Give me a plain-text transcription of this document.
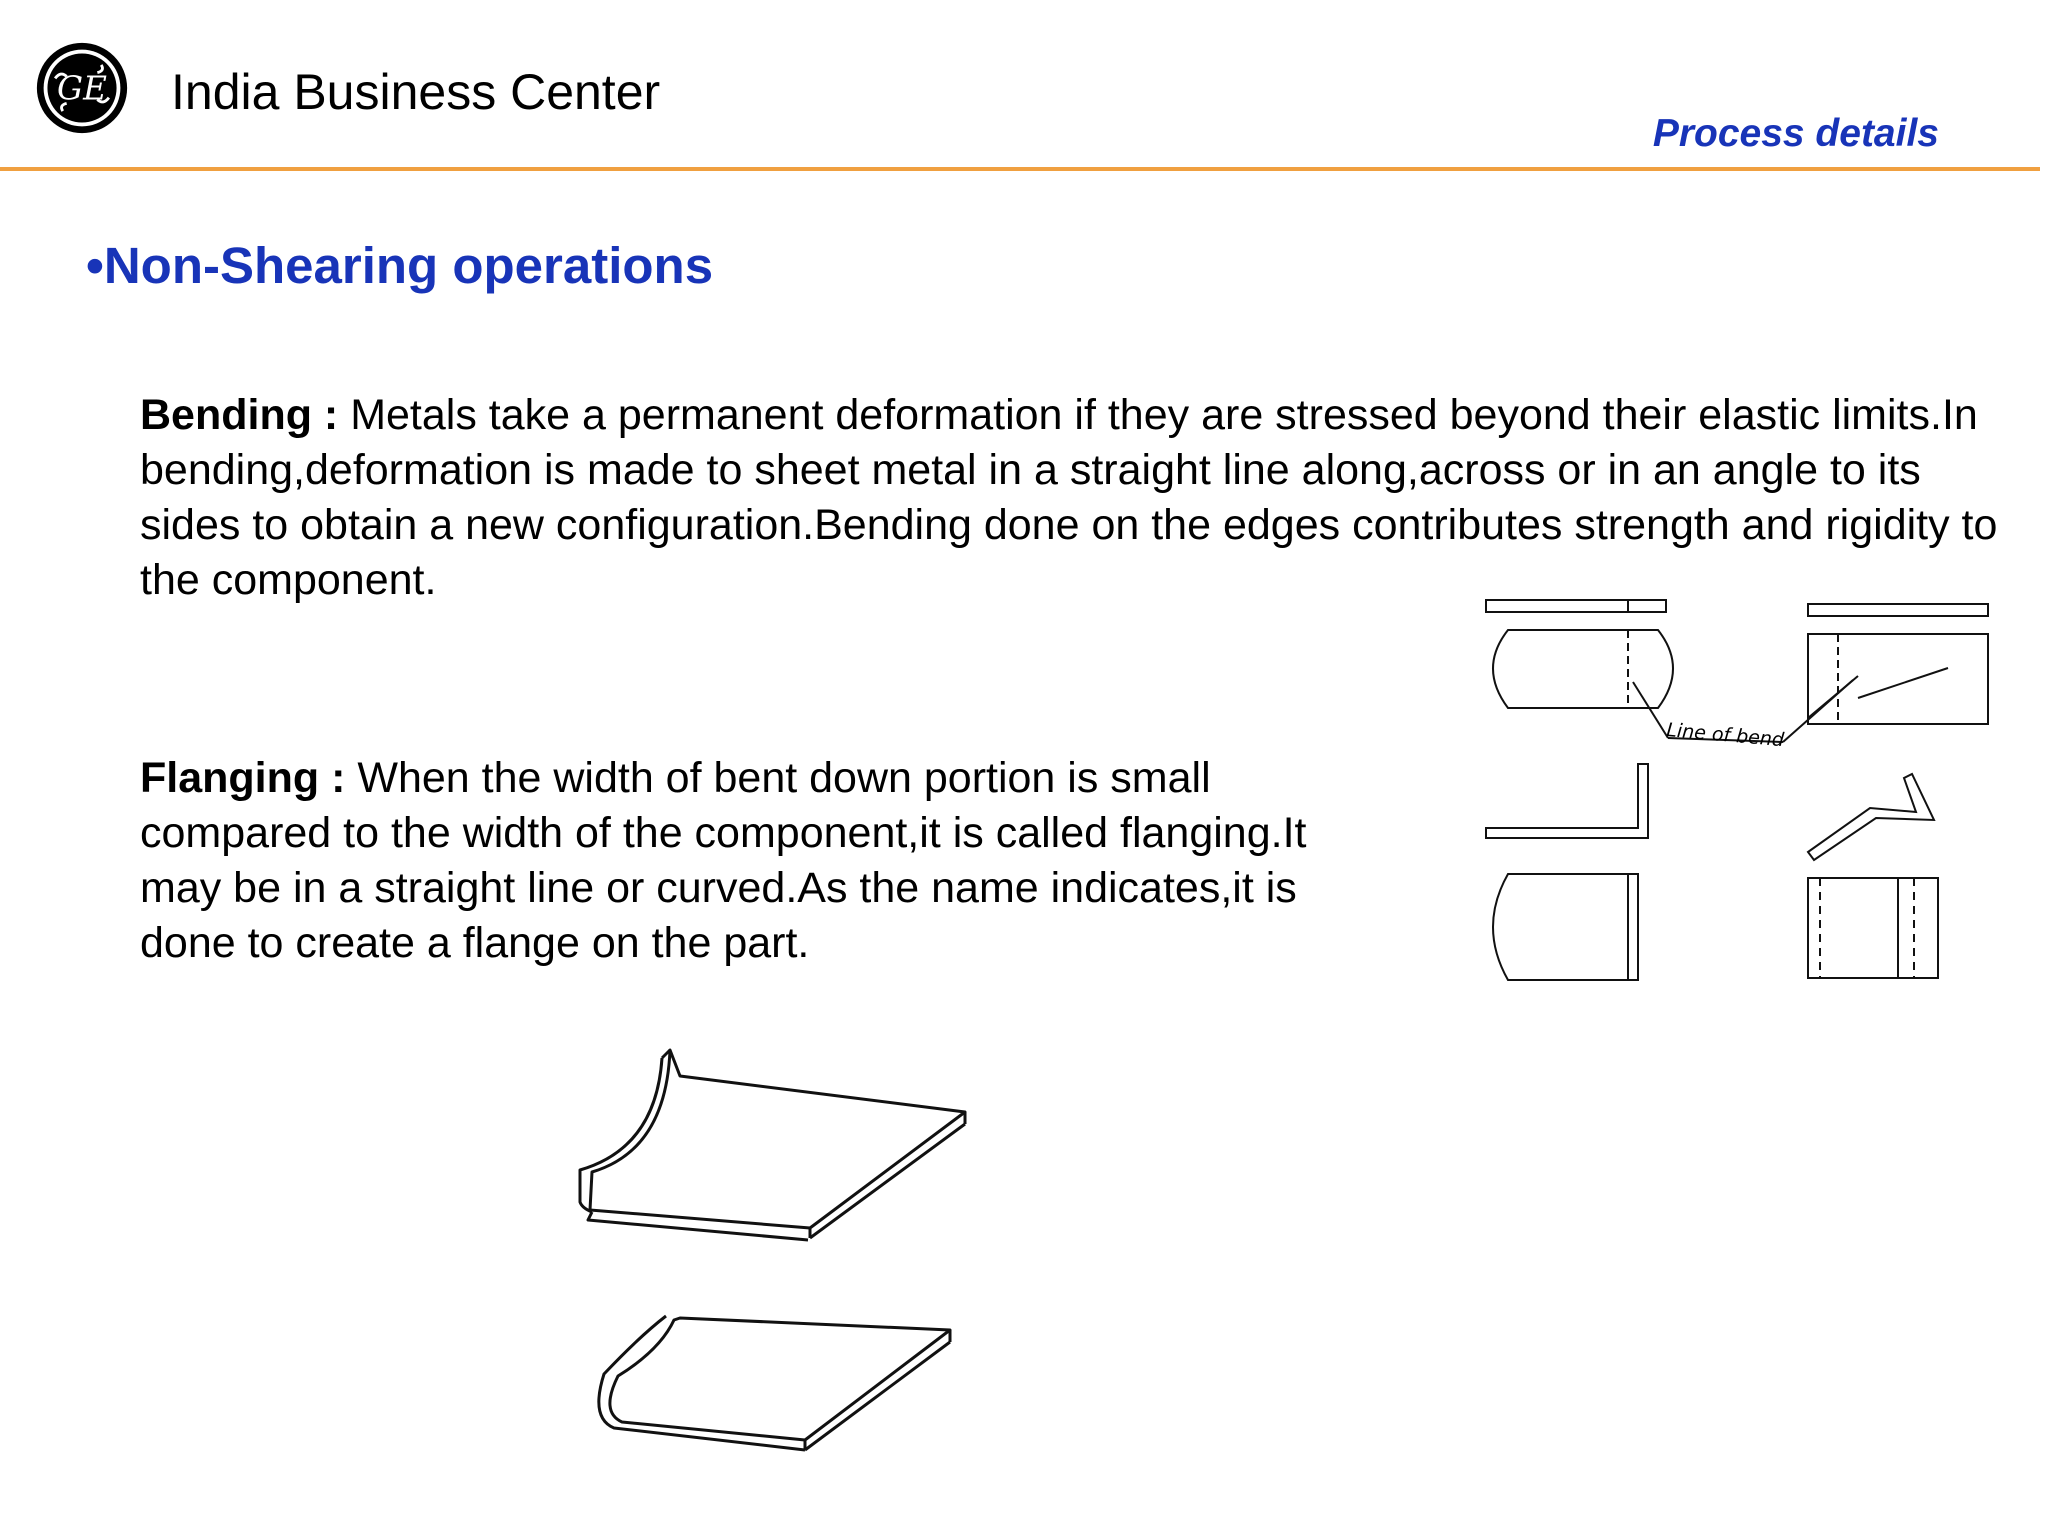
GE India Business Center
Process details
•Non-Shearing operations
Bending : Metals take a permanent deformation if they are stressed beyond their elastic limits.In bending,deformation is made to sheet metal in a straight line along,across or in an angle to its sides to obtain a new configuration.Bending done on the edges contributes strength and rigidity to the component.
Flanging : When the width of bent down portion is small compared to the width of the component,it is called flanging.It may be in a straight line or curved.As the name indicates,it is done to create a flange on the part.
Line of bend
